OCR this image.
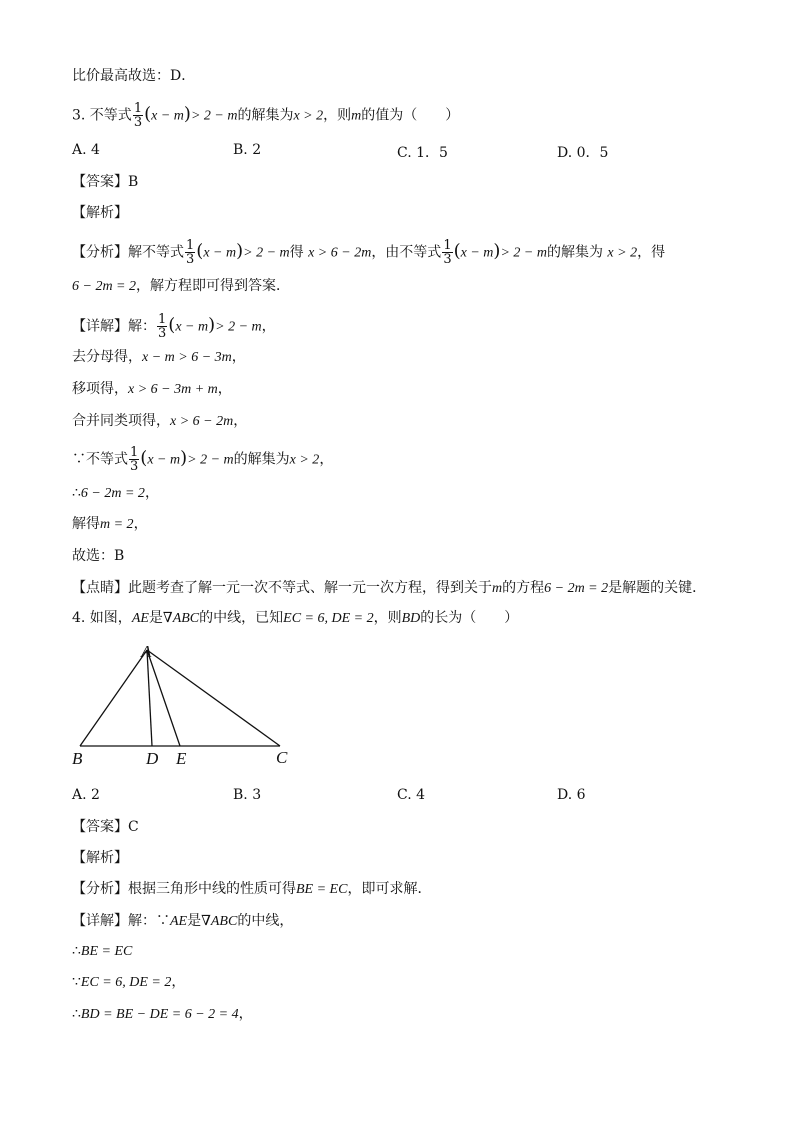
比价最高故选：D．
3. 不等式 $\frac{1}{3} (x - m)> 2 - m$的解集为x > 2，则m的值为（　　）
A. 4	B. 2	C. 1．5	D. 0．5
【答案】B
【解析】
【分析】解不等式 $\frac{1}{3} (x - m)> 2 - m$得 x > 6 − 2m，由不等式 $\frac{1}{3} (x - m)> 2 - m$的解集为 x > 2，得
6 − 2m = 2，解方程即可得到答案．
【详解】解： $\frac{1}{3} (x - m)> 2 - m$，
去分母得，x − m > 6 − 3m，
移项得，x > 6 − 3m + m，
合并同类项得，x > 6 − 2m，
∵不等式 $\frac{1}{3} (x - m)> 2 - m$的解集为x > 2，
∴6 − 2m = 2，
解得m = 2，
故选：B
【点睛】此题考查了解一元一次不等式、解一元一次方程，得到关于m的方程6 − 2m = 2是解题的关键．
4. 如图，AE是∇ABC的中线，已知EC = 6, DE = 2，则BD的长为（　　）
A
B	D E	C
A. 2	B. 3	C. 4	D. 6
【答案】C
【解析】
【分析】根据三角形中线的性质可得BE = EC，即可求解．
【详解】解：∵AE是∇ABC的中线，
∴BE = EC
∵EC = 6, DE = 2，
∴BD = BE − DE = 6 − 2 = 4，
